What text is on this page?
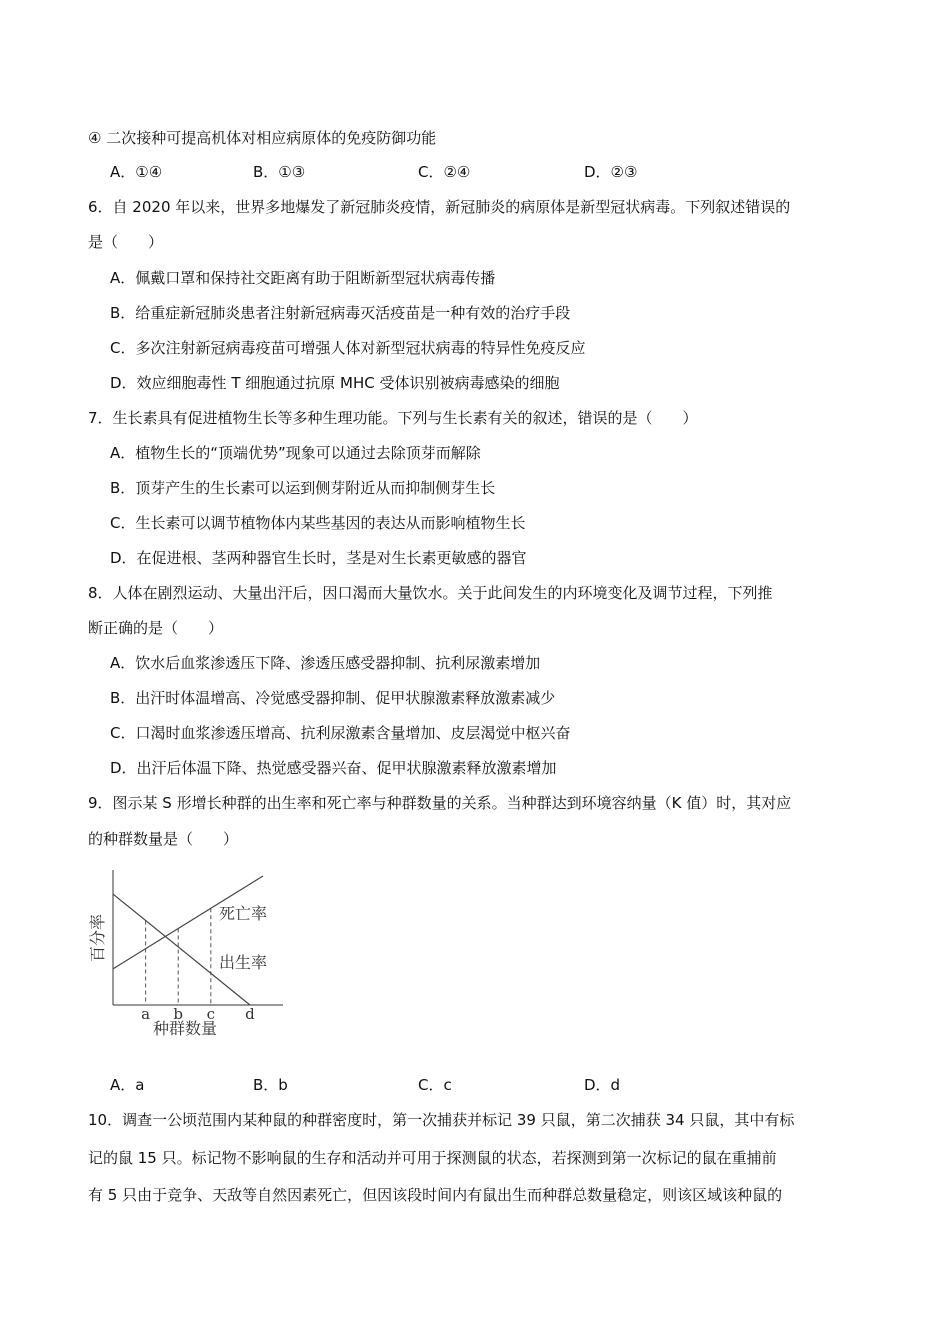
④ 二次接种可提高机体对相应病原体的免疫防御功能
A．①④	B．①③	C．②④	D．②③
6．自 2020 年以来，世界多地爆发了新冠肺炎疫情，新冠肺炎的病原体是新型冠状病毒。下列叙述错误的
是（　　）
A．佩戴口罩和保持社交距离有助于阻断新型冠状病毒传播
B．给重症新冠肺炎患者注射新冠病毒灭活疫苗是一种有效的治疗手段
C．多次注射新冠病毒疫苗可增强人体对新型冠状病毒的特异性免疫反应
D．效应细胞毒性 T 细胞通过抗原 MHC 受体识别被病毒感染的细胞
7．生长素具有促进植物生长等多种生理功能。下列与生长素有关的叙述，错误的是（　　）
A．植物生长的“顶端优势”现象可以通过去除顶芽而解除
B．顶芽产生的生长素可以运到侧芽附近从而抑制侧芽生长
C．生长素可以调节植物体内某些基因的表达从而影响植物生长
D．在促进根、茎两种器官生长时，茎是对生长素更敏感的器官
8．人体在剧烈运动、大量出汗后，因口渴而大量饮水。关于此间发生的内环境变化及调节过程，下列推
断正确的是（　　）
A．饮水后血浆渗透压下降、渗透压感受器抑制、抗利尿激素增加
B．出汗时体温增高、冷觉感受器抑制、促甲状腺激素释放激素减少
C．口渴时血浆渗透压增高、抗利尿激素含量增加、皮层渴觉中枢兴奋
D．出汗后体温下降、热觉感受器兴奋、促甲状腺激素释放激素增加
9．图示某 S 形增长种群的出生率和死亡率与种群数量的关系。当种群达到环境容纳量（K 值）时，其对应
的种群数量是（　　）
死亡率
出生率
a b c d
种群数量
百分率
A．a	B．b	C．c	D．d
10．调查一公顷范围内某种鼠的种群密度时，第一次捕获并标记 39 只鼠，第二次捕获 34 只鼠，其中有标
记的鼠 15 只。标记物不影响鼠的生存和活动并可用于探测鼠的状态，若探测到第一次标记的鼠在重捕前
有 5 只由于竞争、天敌等自然因素死亡，但因该段时间内有鼠出生而种群总数量稳定，则该区域该种鼠的
